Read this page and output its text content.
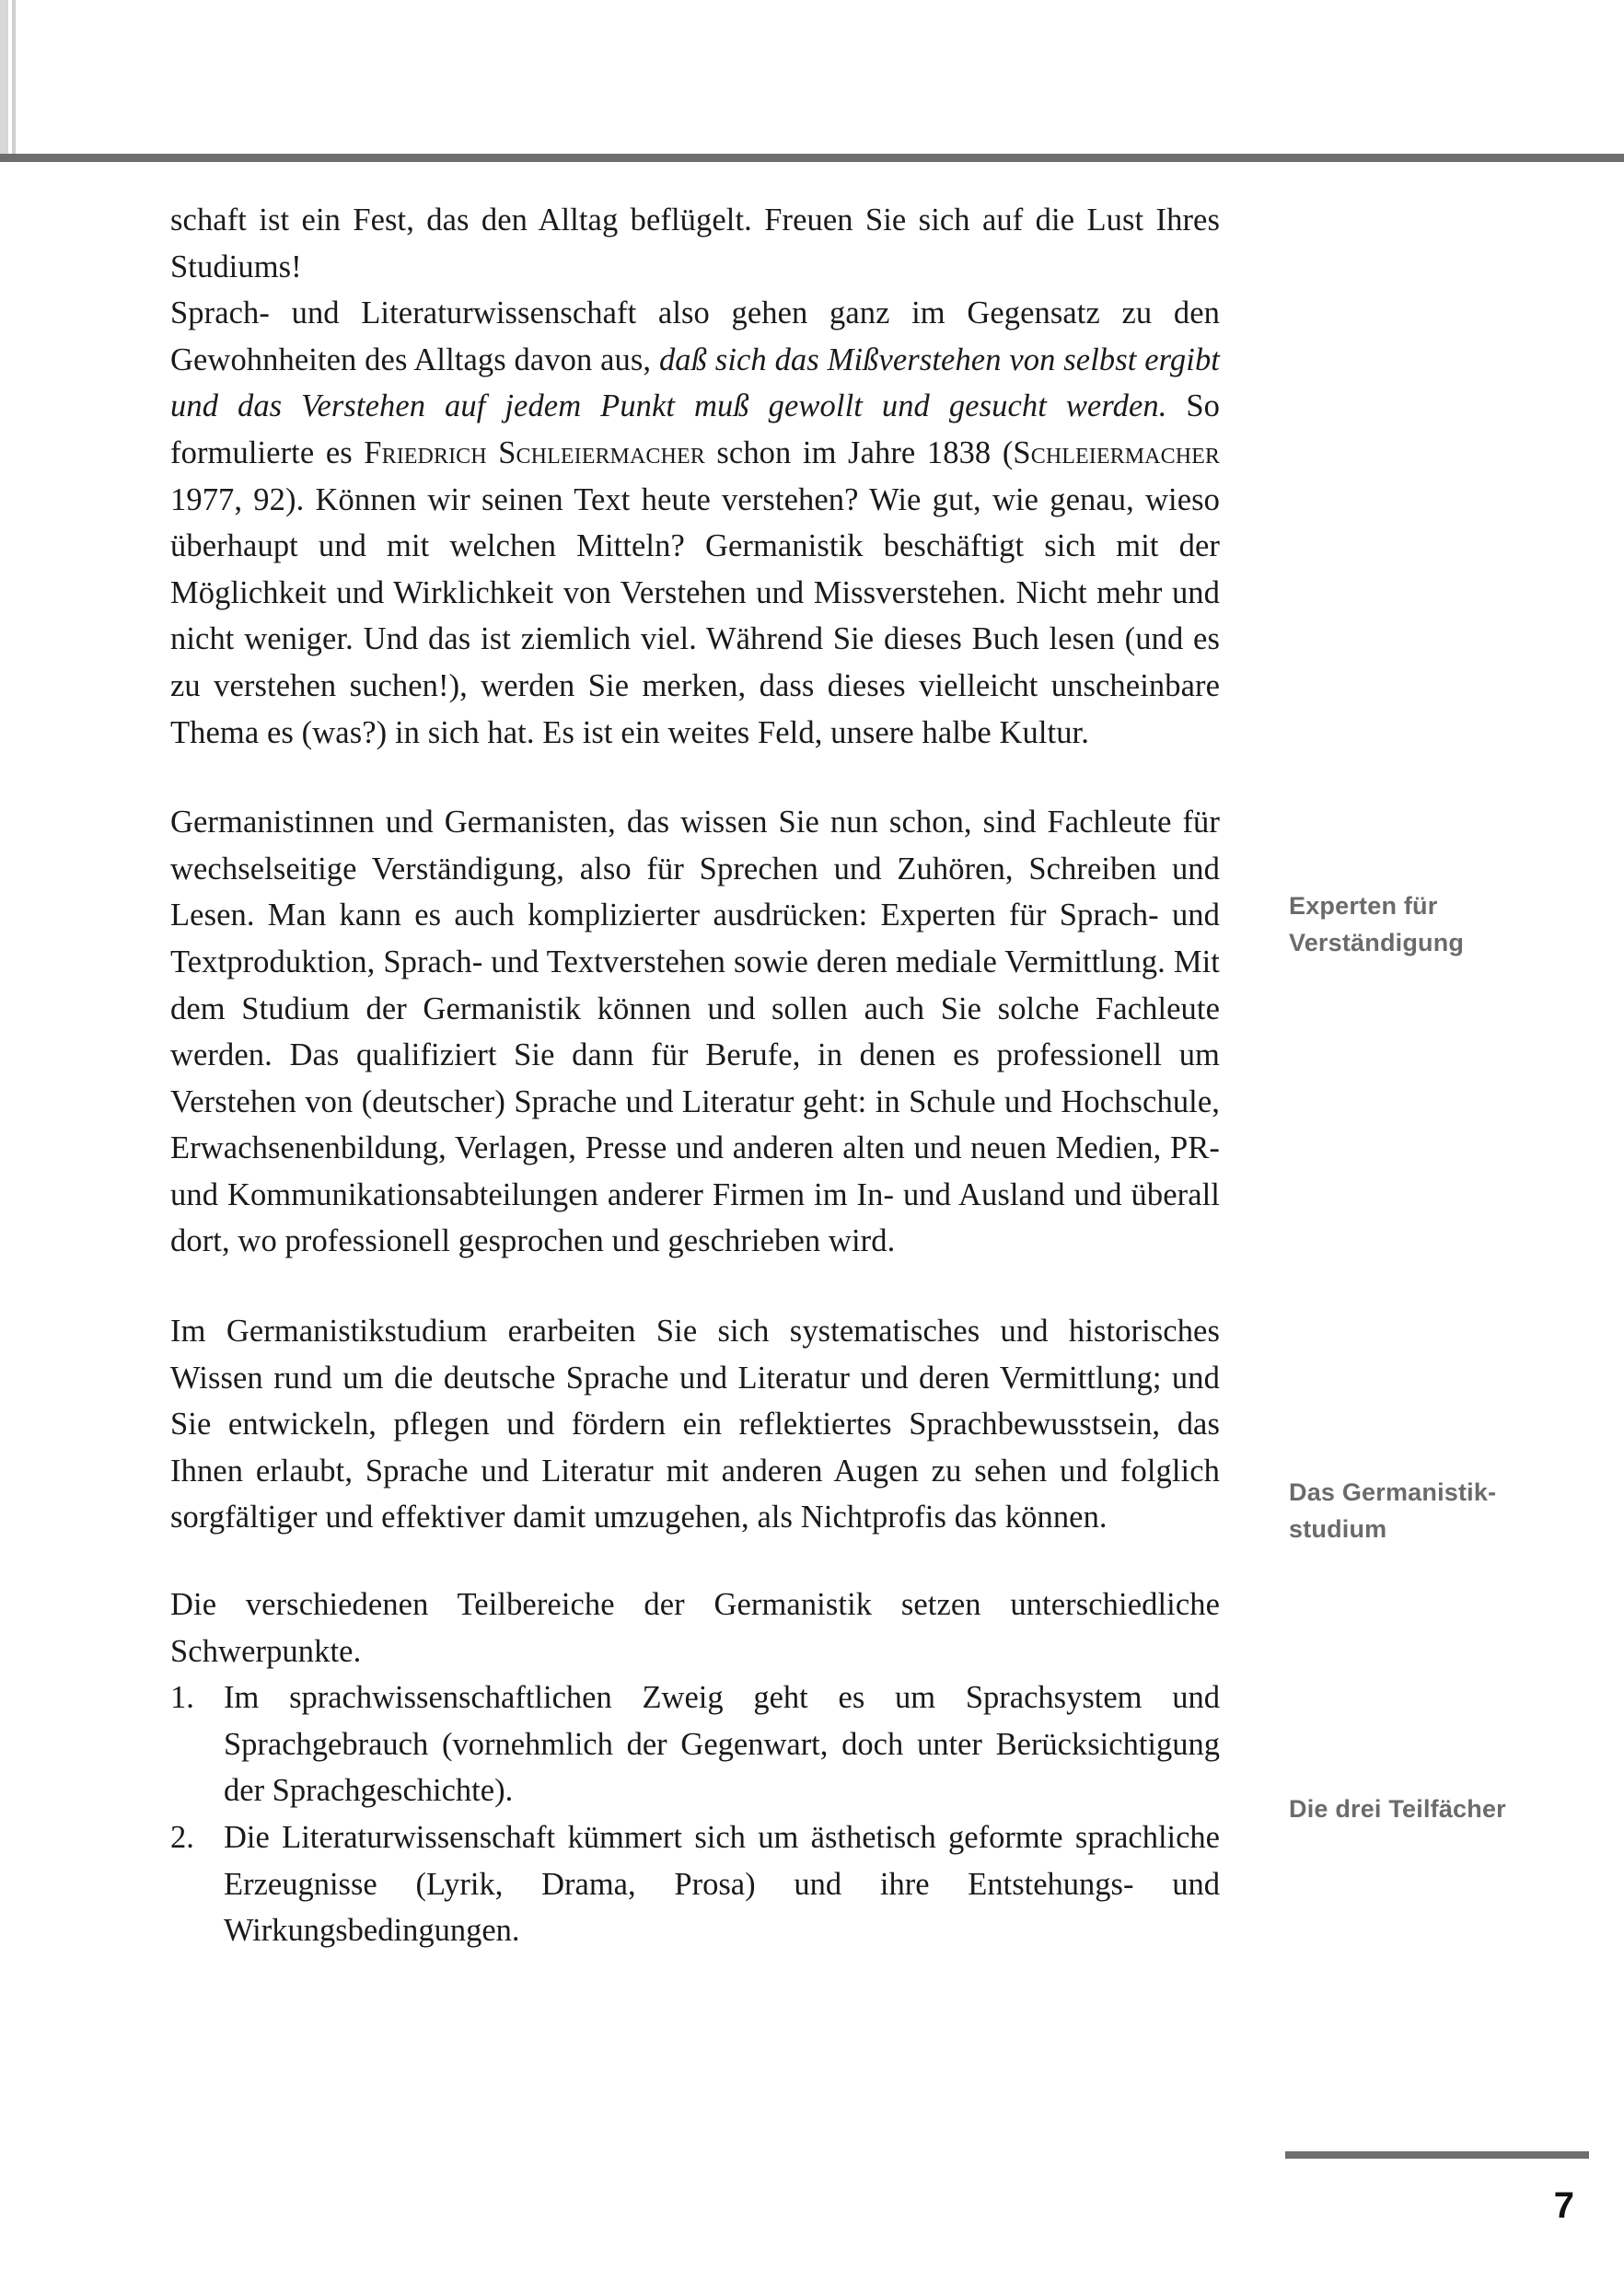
schaft ist ein Fest, das den Alltag beflügelt. Freuen Sie sich auf die Lust Ihres Studiums!

Sprach- und Literaturwissenschaft also gehen ganz im Gegensatz zu den Gewohnheiten des Alltags davon aus, daß sich das Mißverstehen von selbst ergibt und das Verstehen auf jedem Punkt muß gewollt und gesucht werden. So formulierte es Friedrich Schleiermacher schon im Jahre 1838 (Schleiermacher 1977, 92). Können wir seinen Text heute verstehen? Wie gut, wie genau, wieso überhaupt und mit welchen Mitteln? Germanistik beschäftigt sich mit der Möglichkeit und Wirklichkeit von Verstehen und Missverstehen. Nicht mehr und nicht weniger. Und das ist ziemlich viel. Während Sie dieses Buch lesen (und es zu verstehen suchen!), werden Sie merken, dass dieses vielleicht unscheinbare Thema es (was?) in sich hat. Es ist ein weites Feld, unsere halbe Kultur.

Germanistinnen und Germanisten, das wissen Sie nun schon, sind Fachleute für wechselseitige Verständigung, also für Sprechen und Zuhören, Schreiben und Lesen. Man kann es auch komplizierter ausdrücken: Experten für Sprach- und Textproduktion, Sprach- und Textverstehen sowie deren mediale Vermittlung. Mit dem Studium der Germanistik können und sollen auch Sie solche Fachleute werden. Das qualifiziert Sie dann für Berufe, in denen es professionell um Verstehen von (deutscher) Sprache und Literatur geht: in Schule und Hochschule, Erwachsenenbildung, Verlagen, Presse und anderen alten und neuen Medien, PR- und Kommunikationsabteilungen anderer Firmen im In- und Ausland und überall dort, wo professionell gesprochen und geschrieben wird.

Im Germanistikstudium erarbeiten Sie sich systematisches und historisches Wissen rund um die deutsche Sprache und Literatur und deren Vermittlung; und Sie entwickeln, pflegen und fördern ein reflektiertes Sprachbewusstsein, das Ihnen erlaubt, Sprache und Literatur mit anderen Augen zu sehen und folglich sorgfältiger und effektiver damit umzugehen, als Nichtprofis das können.

Die verschiedenen Teilbereiche der Germanistik setzen unterschiedliche Schwerpunkte.

1. Im sprachwissenschaftlichen Zweig geht es um Sprachsystem und Sprachgebrauch (vornehmlich der Gegenwart, doch unter Berücksichtigung der Sprachgeschichte).
2. Die Literaturwissenschaft kümmert sich um ästhetisch geformte sprachliche Erzeugnisse (Lyrik, Drama, Prosa) und ihre Entstehungs- und Wirkungsbedingungen.
Experten für Verständigung
Das Germanistik-studium
Die drei Teilfächer
7
